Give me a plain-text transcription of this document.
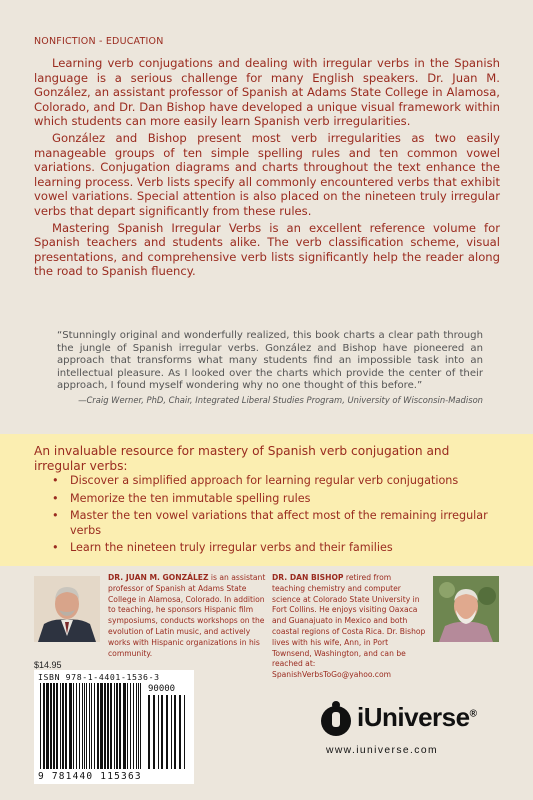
NONFICTION - EDUCATION

Learning verb conjugations and dealing with irregular verbs in the Spanish language is a serious challenge for many English speakers. Dr. Juan M. González, an assistant professor of Spanish at Adams State College in Alamosa, Colorado, and Dr. Dan Bishop have developed a unique visual framework within which students can more easily learn Spanish verb irregularities.

González and Bishop present most verb irregularities as two easily manageable groups of ten simple spelling rules and ten common vowel variations. Conjugation diagrams and charts throughout the text enhance the learning process. Verb lists specify all commonly encountered verbs that exhibit vowel variations. Special attention is also placed on the nineteen truly irregular verbs that depart significantly from these rules.

Mastering Spanish Irregular Verbs is an excellent reference volume for Spanish teachers and students alike. The verb classification scheme, visual presentations, and comprehensive verb lists significantly help the reader along the road to Spanish fluency.

“Stunningly original and wonderfully realized, this book charts a clear path through the jungle of Spanish irregular verbs. González and Bishop have pioneered an approach that transforms what many students find an impossible task into an intellectual pleasure. As I looked over the charts which provide the center of their approach, I found myself wondering why no one thought of this before.”
—Craig Werner, PhD, Chair, Integrated Liberal Studies Program, University of Wisconsin-Madison
An invaluable resource for mastery of Spanish verb conjugation and irregular verbs:
• Discover a simplified approach for learning regular verb conjugations
• Memorize the ten immutable spelling rules
• Master the ten vowel variations that affect most of the remaining irregular verbs
• Learn the nineteen truly irregular verbs and their families
DR. JUAN M. GONZÁLEZ is an assistant professor of Spanish at Adams State College in Alamosa, Colorado. In addition to teaching, he sponsors Hispanic film symposiums, conducts workshops on the evolution of Latin music, and actively works with Hispanic organizations in his community.
DR. DAN BISHOP retired from teaching chemistry and computer science at Colorado State University in Fort Collins. He enjoys visiting Oaxaca and Guanajuato in Mexico and both coastal regions of Costa Rica. Dr. Bishop lives with his wife, Ann, in Port Townsend, Washington, and can be reached at: SpanishVerbsToGo@yahoo.com
$14.95
ISBN 978-1-4401-1536-3
90000
9 781440 115363
iUniverse®
www.iuniverse.com
